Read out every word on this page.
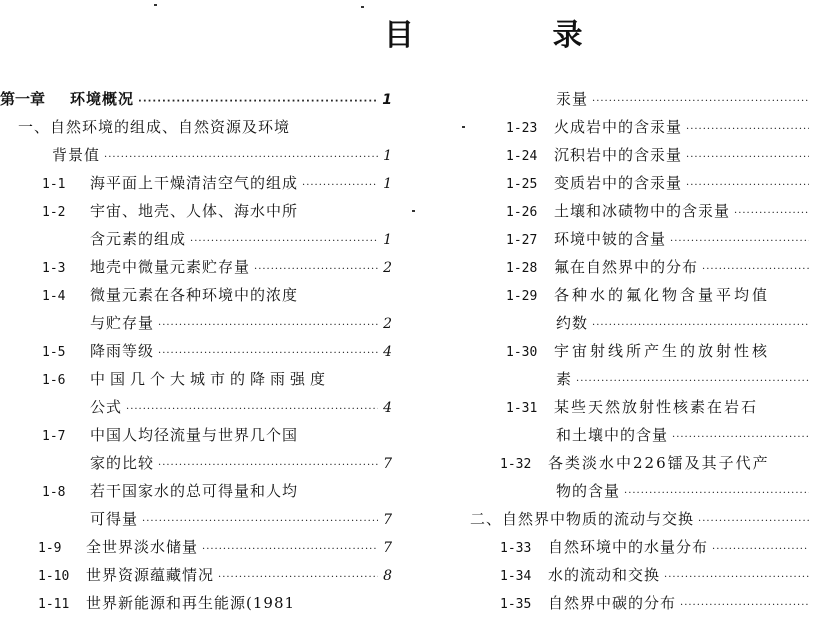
目 录
第一章	环境概况 ·····	1
一、自然环境的组成、自然资源及环境
背景值 ·····	1
1-1	海平面上干燥清洁空气的组成 ·····	1
1-2	宇宙、地壳、人体、海水中所
含元素的组成 ·····	1
1-3	地壳中微量元素贮存量 ·····	2
1-4	微量元素在各种环境中的浓度
与贮存量 ·····	2
1-5	降雨等级 ·····	4
1-6	中国几个大城市的降雨强度
公式 ·····	4
1-7	中国人均径流量与世界几个国
家的比较 ·····	7
1-8	若干国家水的总可得量和人均
可得量 ·····	7
1-9	全世界淡水储量 ·····	7
1-10	世界资源蕴藏情况 ·····	8
1-11	世界新能源和再生能源(1981
汞量
·····
1-23	火成岩中的含汞量
·····
1-24	沉积岩中的含汞量
·····
1-25	变质岩中的含汞量
·····
1-26	土壤和冰碛物中的含汞量
·····
1-27	环境中铍的含量
·····
1-28	氟在自然界中的分布
·····
1-29	各种水的氟化物含量平均值
约数
·····
1-30	宇宙射线所产生的放射性核
素
·····
1-31	某些天然放射性核素在岩石
和土壤中的含量
·····
1-32	各类淡水中226镭及其子代产
物的含量
·····
二、自然界中物质的流动与交换
·····
1-33	自然环境中的水量分布
·····
1-34	水的流动和交换
·····
1-35	自然界中碳的分布
·····
